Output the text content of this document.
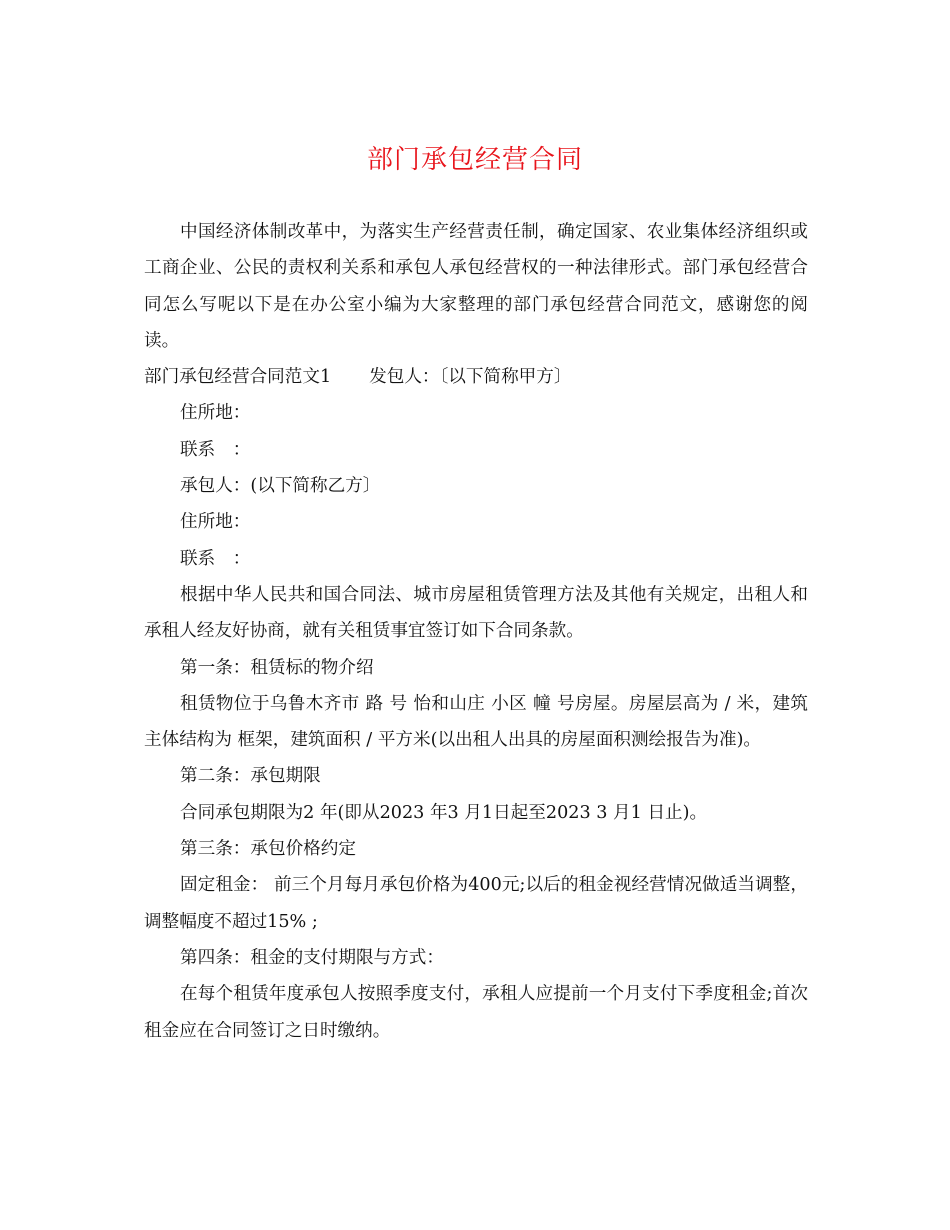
部门承包经营合同

中国经济体制改革中，为落实生产经营责任制，确定国家、农业集体经济组织或工商企业、公民的责权利关系和承包人承包经营权的一种法律形式。部门承包经营合同怎么写呢以下是在办公室小编为大家整理的部门承包经营合同范文，感谢您的阅读。

部门承包经营合同范文1 发包人：〔以下简称甲方〕

住所地：

联系　：

承包人：(以下简称乙方〕

住所地：

联系　：

根据中华人民共和国合同法、城市房屋租赁管理方法及其他有关规定，出租人和承租人经友好协商，就有关租赁事宜签订如下合同条款。

第一条：租赁标的物介绍

租赁物位于乌鲁木齐市 路 号 怡和山庄 小区 幢 号房屋。房屋层高为 / 米，建筑主体结构为 框架，建筑面积 / 平方米(以出租人出具的房屋面积测绘报告为准)。

第二条：承包期限

合同承包期限为2 年(即从2023 年3 月1日起至2023 3 月1 日止)。

第三条：承包价格约定

固定租金： 前三个月每月承包价格为400元;以后的租金视经营情况做适当调整，调整幅度不超过15% ;

第四条：租金的支付期限与方式：

在每个租赁年度承包人按照季度支付，承租人应提前一个月支付下季度租金;首次租金应在合同签订之日时缴纳。
